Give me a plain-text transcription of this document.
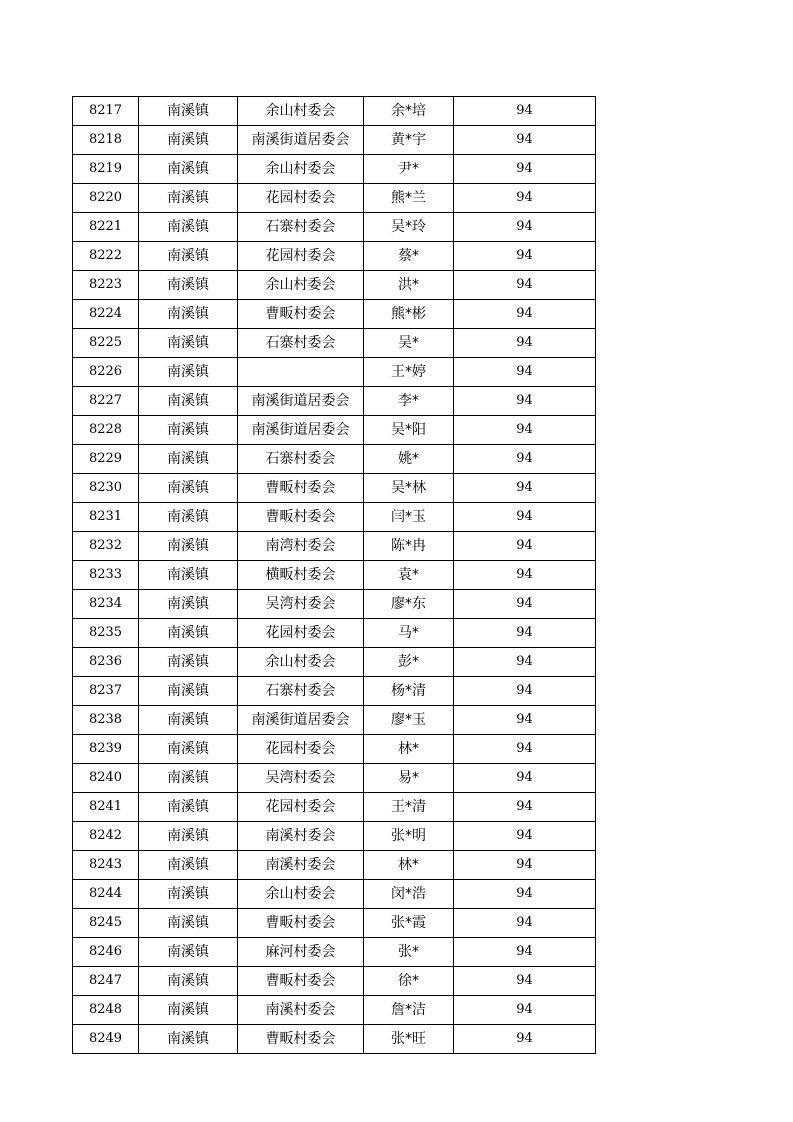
8217	南溪镇	余山村委会	余*培	94
8218	南溪镇	南溪街道居委会	黄*宇	94
8219	南溪镇	余山村委会	尹*	94
8220	南溪镇	花园村委会	熊*兰	94
8221	南溪镇	石寨村委会	吴*玲	94
8222	南溪镇	花园村委会	蔡*	94
8223	南溪镇	余山村委会	洪*	94
8224	南溪镇	曹畈村委会	熊*彬	94
8225	南溪镇	石寨村委会	吴*	94
8226	南溪镇		王*婷	94
8227	南溪镇	南溪街道居委会	李*	94
8228	南溪镇	南溪街道居委会	吴*阳	94
8229	南溪镇	石寨村委会	姚*	94
8230	南溪镇	曹畈村委会	吴*林	94
8231	南溪镇	曹畈村委会	闫*玉	94
8232	南溪镇	南湾村委会	陈*冉	94
8233	南溪镇	横畈村委会	袁*	94
8234	南溪镇	吴湾村委会	廖*东	94
8235	南溪镇	花园村委会	马*	94
8236	南溪镇	余山村委会	彭*	94
8237	南溪镇	石寨村委会	杨*清	94
8238	南溪镇	南溪街道居委会	廖*玉	94
8239	南溪镇	花园村委会	林*	94
8240	南溪镇	吴湾村委会	易*	94
8241	南溪镇	花园村委会	王*清	94
8242	南溪镇	南溪村委会	张*明	94
8243	南溪镇	南溪村委会	林*	94
8244	南溪镇	余山村委会	闵*浩	94
8245	南溪镇	曹畈村委会	张*霞	94
8246	南溪镇	麻河村委会	张*	94
8247	南溪镇	曹畈村委会	徐*	94
8248	南溪镇	南溪村委会	詹*洁	94
8249	南溪镇	曹畈村委会	张*旺	94
